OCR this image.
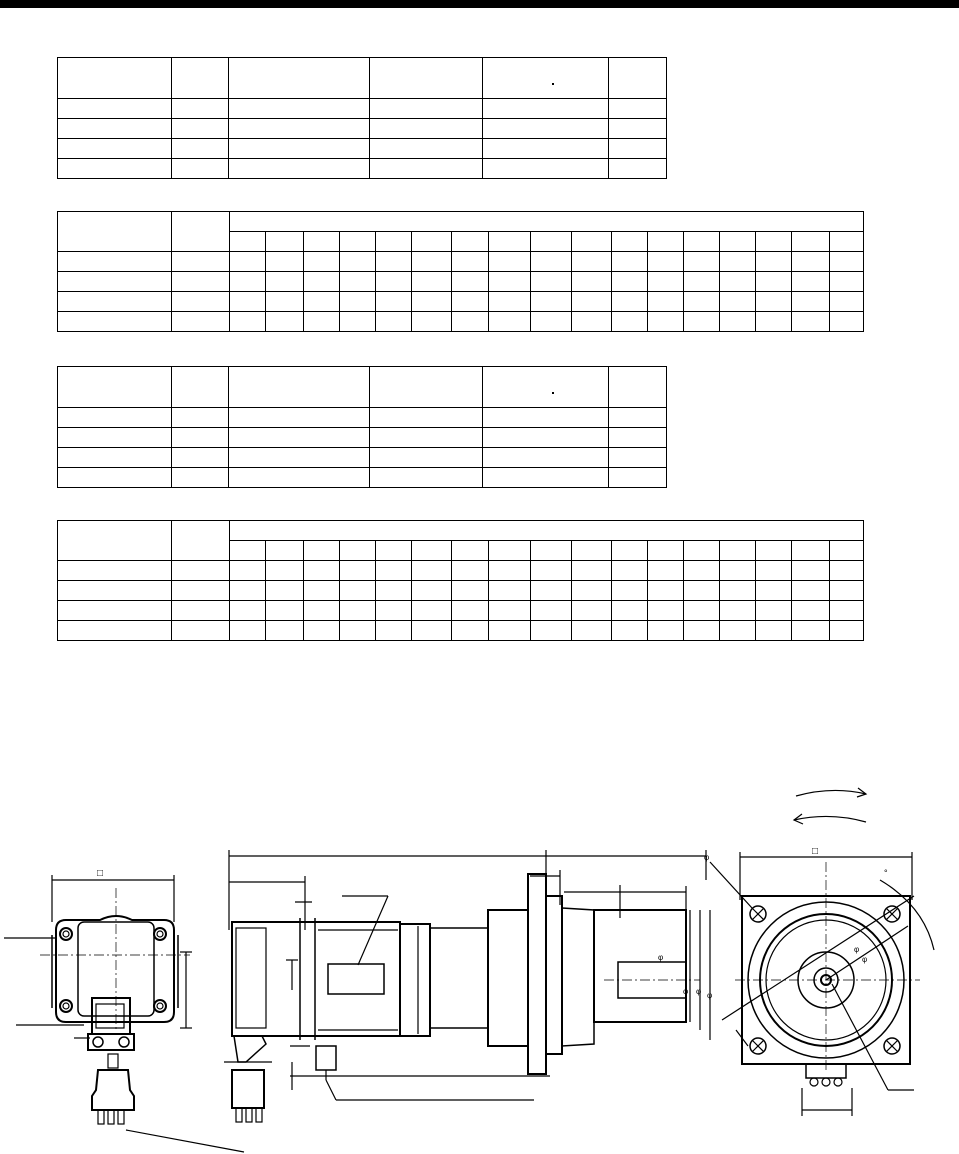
□
φ
φ φ φ
□
φ
φ
φ
°
